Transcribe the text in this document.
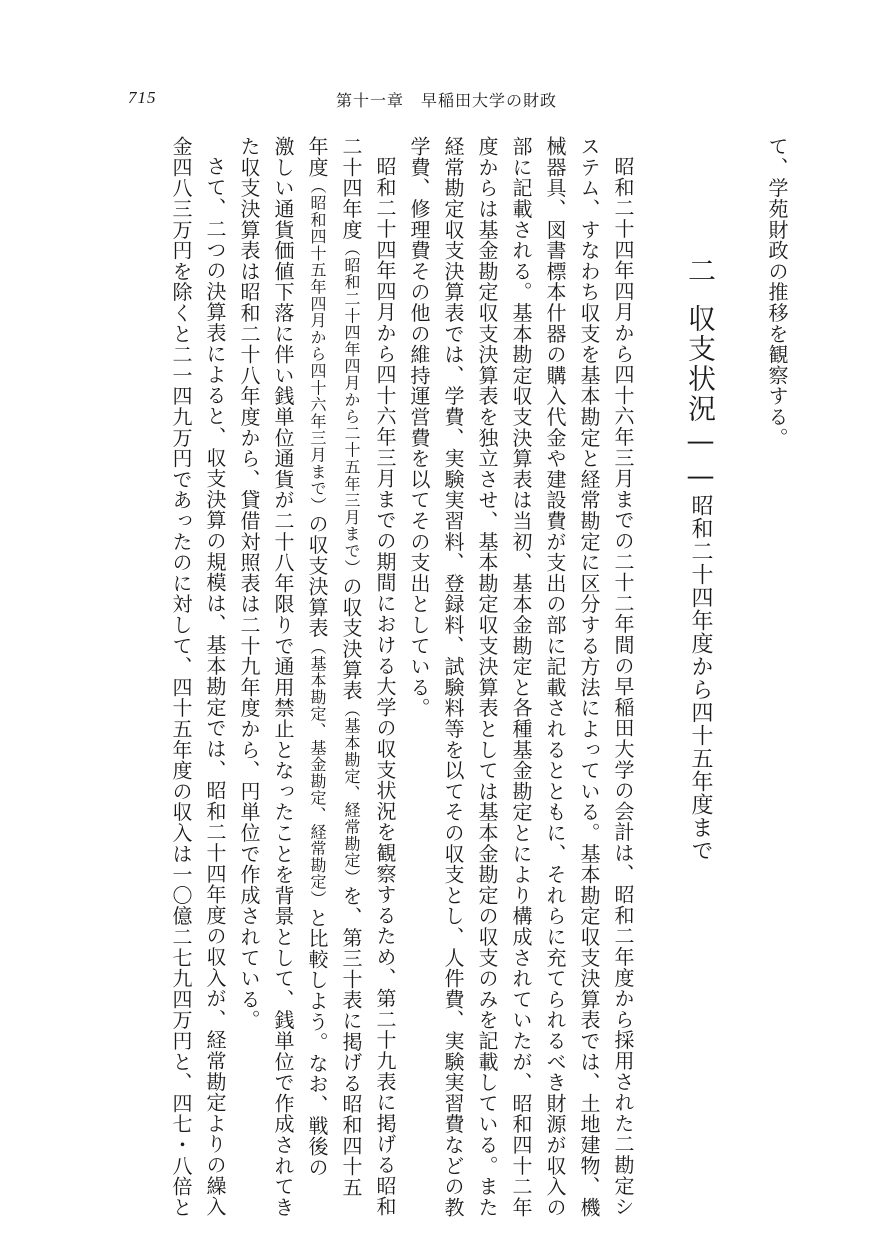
715	第十一章　早稲田大学の財政

て、学苑財政の推移を観察する。

二収支状況——昭和二十四年度から四十五年度まで

昭和二十四年四月から四十六年三月までの二十二年間の早稲田大学の会計は、昭和二年度から採用された二勘定シ

ステム、すなわち収支を基本勘定と経常勘定に区分する方法によっている。基本勘定収支決算表では、土地建物、機

械器具、図書標本什器の購入代金や建設費が支出の部に記載されるとともに、それらに充てられるべき財源が収入の

部に記載される。基本勘定収支決算表は当初、基本金勘定と各種基金勘定とにより構成されていたが、昭和四十二年

度からは基金勘定収支決算表を独立させ、基本勘定収支決算表としては基本金勘定の収支のみを記載している。また

経常勘定収支決算表では、学費、実験実習料、登録料、試験料等を以てその収支とし、人件費、実験実習費などの教

学費、修理費その他の維持運営費を以てその支出としている。

昭和二十四年四月から四十六年三月までの期間における大学の収支状況を観察するため、第二十九表に掲げる昭和

二十四年度（昭和二十四年四月から二十五年三月まで）の収支決算表（基本勘定、経常勘定）を、第三十表に掲げる昭和四十五

年度（昭和四十五年四月から四十六年三月まで）の収支決算表（基本勘定、基金勘定、経常勘定）と比較しよう。なお、戦後の

激しい通貨価値下落に伴い銭単位通貨が二十八年限りで通用禁止となったことを背景として、銭単位で作成されてき

た収支決算表は昭和二十八年度から、貸借対照表は二十九年度から、円単位で作成されている。

さて、二つの決算表によると、収支決算の規模は、基本勘定では、昭和二十四年度の収入が、経常勘定よりの繰入

金四八三万円を除くと二一四九万円であったのに対して、四十五年度の収入は一〇億二七九四万円と、四七・八倍と
